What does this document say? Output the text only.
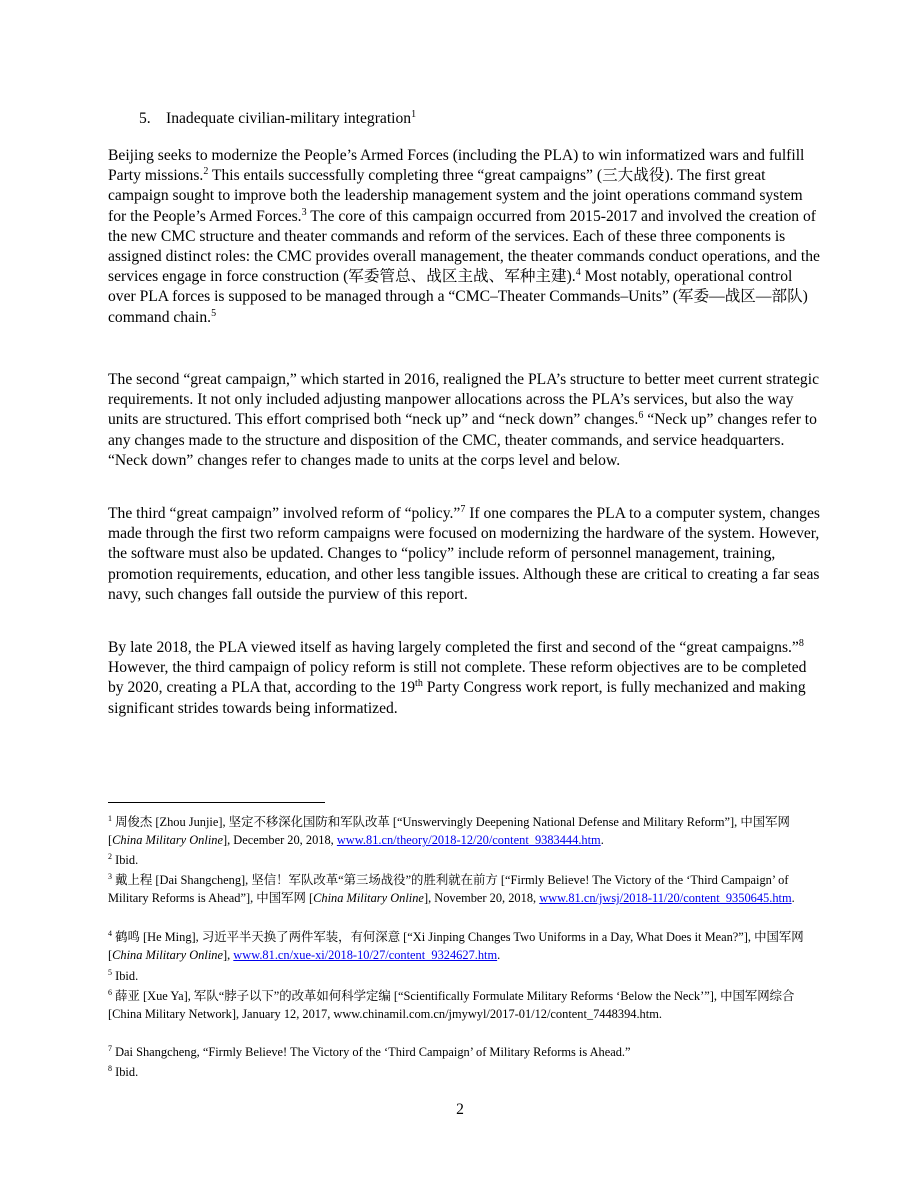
5. Inadequate civilian-military integration$^1$

Beijing seeks to modernize the People’s Armed Forces (including the PLA) to win informatized wars and fulfill Party missions.$^2$ This entails successfully completing three “great campaigns” (三大战役). The first great campaign sought to improve both the leadership management system and the joint operations command system for the People’s Armed Forces.$^3$ The core of this campaign occurred from 2015-2017 and involved the creation of the new CMC structure and theater commands and reform of the services. Each of these three components is assigned distinct roles: the CMC provides overall management, the theater commands conduct operations, and the services engage in force construction (军委管总、战区主战、军种主建).$^4$ Most notably, operational control over PLA forces is supposed to be managed through a “CMC–Theater Commands–Units” (军委—战区—部队) command chain.$^5$

The second “great campaign,” which started in 2016, realigned the PLA’s structure to better meet current strategic requirements. It not only included adjusting manpower allocations across the PLA’s services, but also the way units are structured. This effort comprised both “neck up” and “neck down” changes.$^6$ “Neck up” changes refer to any changes made to the structure and disposition of the CMC, theater commands, and service headquarters. “Neck down” changes refer to changes made to units at the corps level and below.

The third “great campaign” involved reform of “policy.”$^7$ If one compares the PLA to a computer system, changes made through the first two reform campaigns were focused on modernizing the hardware of the system. However, the software must also be updated. Changes to “policy” include reform of personnel management, training, promotion requirements, education, and other less tangible issues. Although these are critical to creating a far seas navy, such changes fall outside the purview of this report.

By late 2018, the PLA viewed itself as having largely completed the first and second of the “great campaigns.”$^8$ However, the third campaign of policy reform is still not complete. These reform objectives are to be completed by 2020, creating a PLA that, according to the 19th Party Congress work report, is fully mechanized and making significant strides towards being informatized.

$^1$ 周俊杰 [Zhou Junjie], 坚定不移深化国防和军队改革 [“Unswervingly Deepening National Defense and Military Reform”], 中国军网 [China Military Online], December 20, 2018, www.81.cn/theory/2018-12/20/content_9383444.htm.
$^2$ Ibid.
$^3$ 戴上程 [Dai Shangcheng], 坚信！军队改革“第三场战役”的胜利就在前方 [“Firmly Believe! The Victory of the ‘Third Campaign’ of Military Reforms is Ahead”], 中国军网 [China Military Online], November 20, 2018, www.81.cn/jwsj/2018-11/20/content_9350645.htm.
$^4$ 鹤鸣 [He Ming], 习近平半天换了两件军装，有何深意 [“Xi Jinping Changes Two Uniforms in a Day, What Does it Mean?”], 中国军网 [China Military Online], www.81.cn/xue-xi/2018-10/27/content_9324627.htm.
$^5$ Ibid.
$^6$ 薛亚 [Xue Ya], 军队“脖子以下”的改革如何科学定编 [“Scientifically Formulate Military Reforms ‘Below the Neck’”], 中国军网综合[China Military Network], January 12, 2017, www.chinamil.com.cn/jmywyl/2017-01/12/content_7448394.htm.
$^7$ Dai Shangcheng, “Firmly Believe! The Victory of the ‘Third Campaign’ of Military Reforms is Ahead.”
$^8$ Ibid.
2
